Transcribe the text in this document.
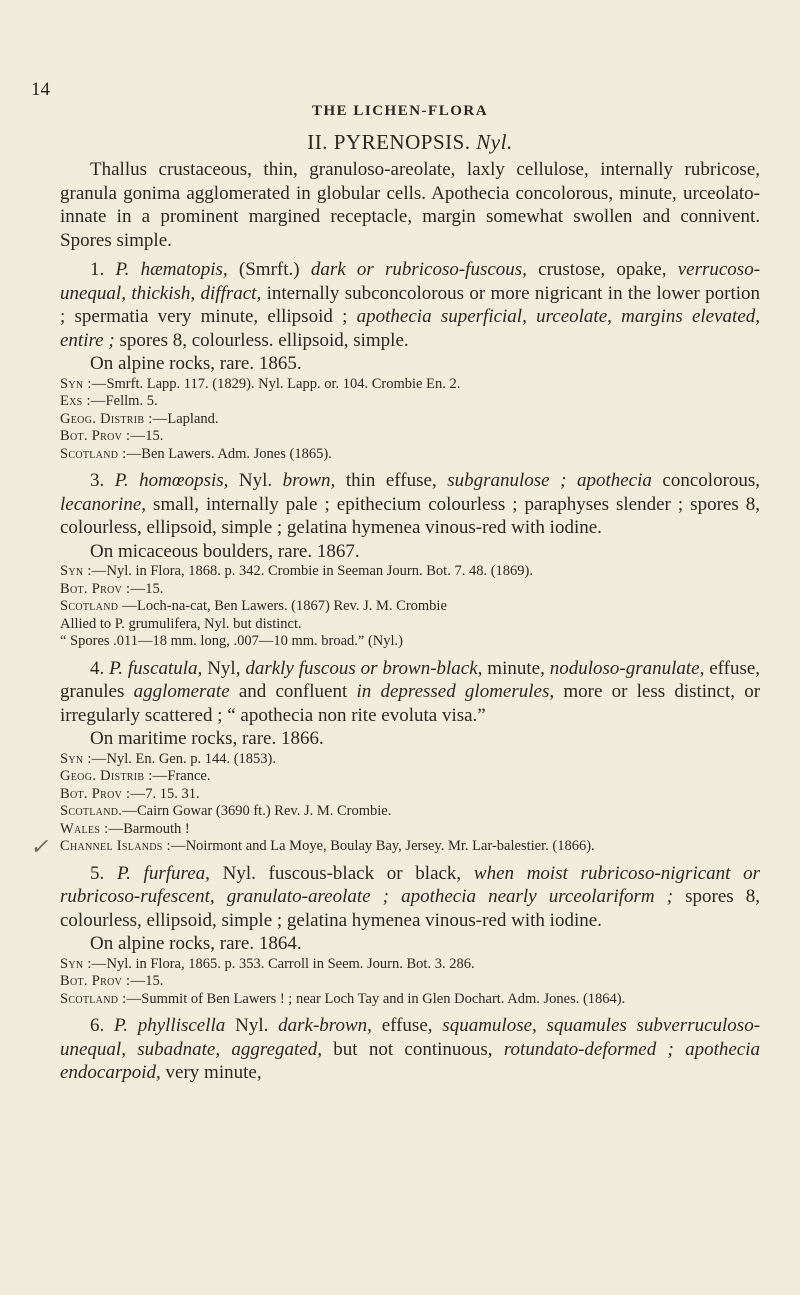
14
THE LICHEN-FLORA
✓

II. PYRENOPSIS. Nyl.

Thallus crustaceous, thin, granuloso-areolate, laxly cellulose, internally rubricose, granula gonima agglomerated in globular cells. Apothecia concolorous, minute, urceolato-innate in a prominent margined receptacle, margin somewhat swollen and connivent. Spores simple.

1. P. hæmatopis, (Smrft.) dark or rubricoso-fuscous, crustose, opake, verrucoso-unequal, thickish, diffract, internally subconcolorous or more nigricant in the lower portion ; spermatia very minute, ellipsoid ; apothecia superficial, urceolate, margins elevated, entire ; spores 8, colourless. ellipsoid, simple.

On alpine rocks, rare. 1865.

Syn :—Smrft. Lapp. 117. (1829). Nyl. Lapp. or. 104. Crombie En. 2.

Exs :—Fellm. 5.

Geog. Distrib :—Lapland.

Bot. Prov :—15.

Scotland :—Ben Lawers. Adm. Jones (1865).

3. P. homœopsis, Nyl. brown, thin effuse, subgranulose ; apothecia concolorous, lecanorine, small, internally pale ; epithecium colourless ; paraphyses slender ; spores 8, colourless, ellipsoid, simple ; gelatina hymenea vinous-red with iodine.

On micaceous boulders, rare. 1867.

Syn :—Nyl. in Flora, 1868. p. 342. Crombie in Seeman Journ. Bot. 7. 48. (1869).

Bot. Prov :—15.

Scotland —Loch-na-cat, Ben Lawers. (1867) Rev. J. M. Crombie

Allied to P. grumulifera, Nyl. but distinct.

“ Spores .011—18 mm. long, .007—10 mm. broad.” (Nyl.)

4. P. fuscatula, Nyl, darkly fuscous or brown-black, minute, noduloso-granulate, effuse, granules agglomerate and confluent in depressed glomerules, more or less distinct, or irregularly scattered ; “ apothecia non rite evoluta visa.”

On maritime rocks, rare. 1866.

Syn :—Nyl. En. Gen. p. 144. (1853).

Geog. Distrib :—France.

Bot. Prov :—7. 15. 31.

Scotland.—Cairn Gowar (3690 ft.) Rev. J. M. Crombie.

Wales :—Barmouth !

Channel Islands :—Noirmont and La Moye, Boulay Bay, Jersey. Mr. Lar-balestier. (1866).

5. P. furfurea, Nyl. fuscous-black or black, when moist rubricoso-nigricant or rubricoso-rufescent, granulato-areolate ; apothecia nearly urceolariform ; spores 8, colourless, ellipsoid, simple ; gelatina hymenea vinous-red with iodine.

On alpine rocks, rare. 1864.

Syn :—Nyl. in Flora, 1865. p. 353. Carroll in Seem. Journ. Bot. 3. 286.

Bot. Prov :—15.

Scotland :—Summit of Ben Lawers ! ; near Loch Tay and in Glen Dochart. Adm. Jones. (1864).

6. P. phylliscella Nyl. dark-brown, effuse, squamulose, squamules subverruculoso-unequal, subadnate, aggregated, but not continuous, rotundato-deformed ; apothecia endocarpoid, very minute,
